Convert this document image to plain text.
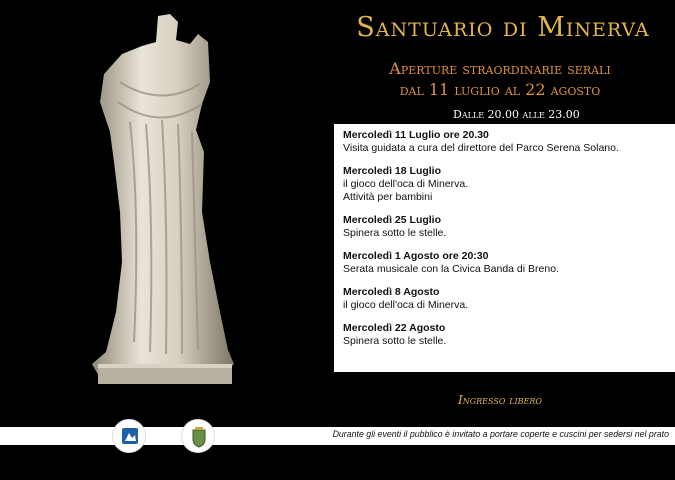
Santuario di Minerva
Aperture straordinarie serali
dal 11 luglio al 22 agosto
Dalle 20.00 alle 23.00
Mercoledì 11 Luglio ore 20.30
Visita guidata a cura del direttore del Parco Serena Solano.
Mercoledì 18 Luglio
il gioco dell'oca di Minerva.
Attività per bambini
Mercoledì 25 Luglio
Spinera sotto le stelle.
Mercoledì 1 Agosto ore 20:30
Serata musicale con la Civica Banda di Breno.
Mercoledì 8 Agosto
il gioco dell'oca di Minerva.
Mercoledì 22 Agosto
Spinera sotto le stelle.
Ingresso libero
Durante gli eventi il pubblico è invitato a portare coperte e cuscini per sedersi nel prato
